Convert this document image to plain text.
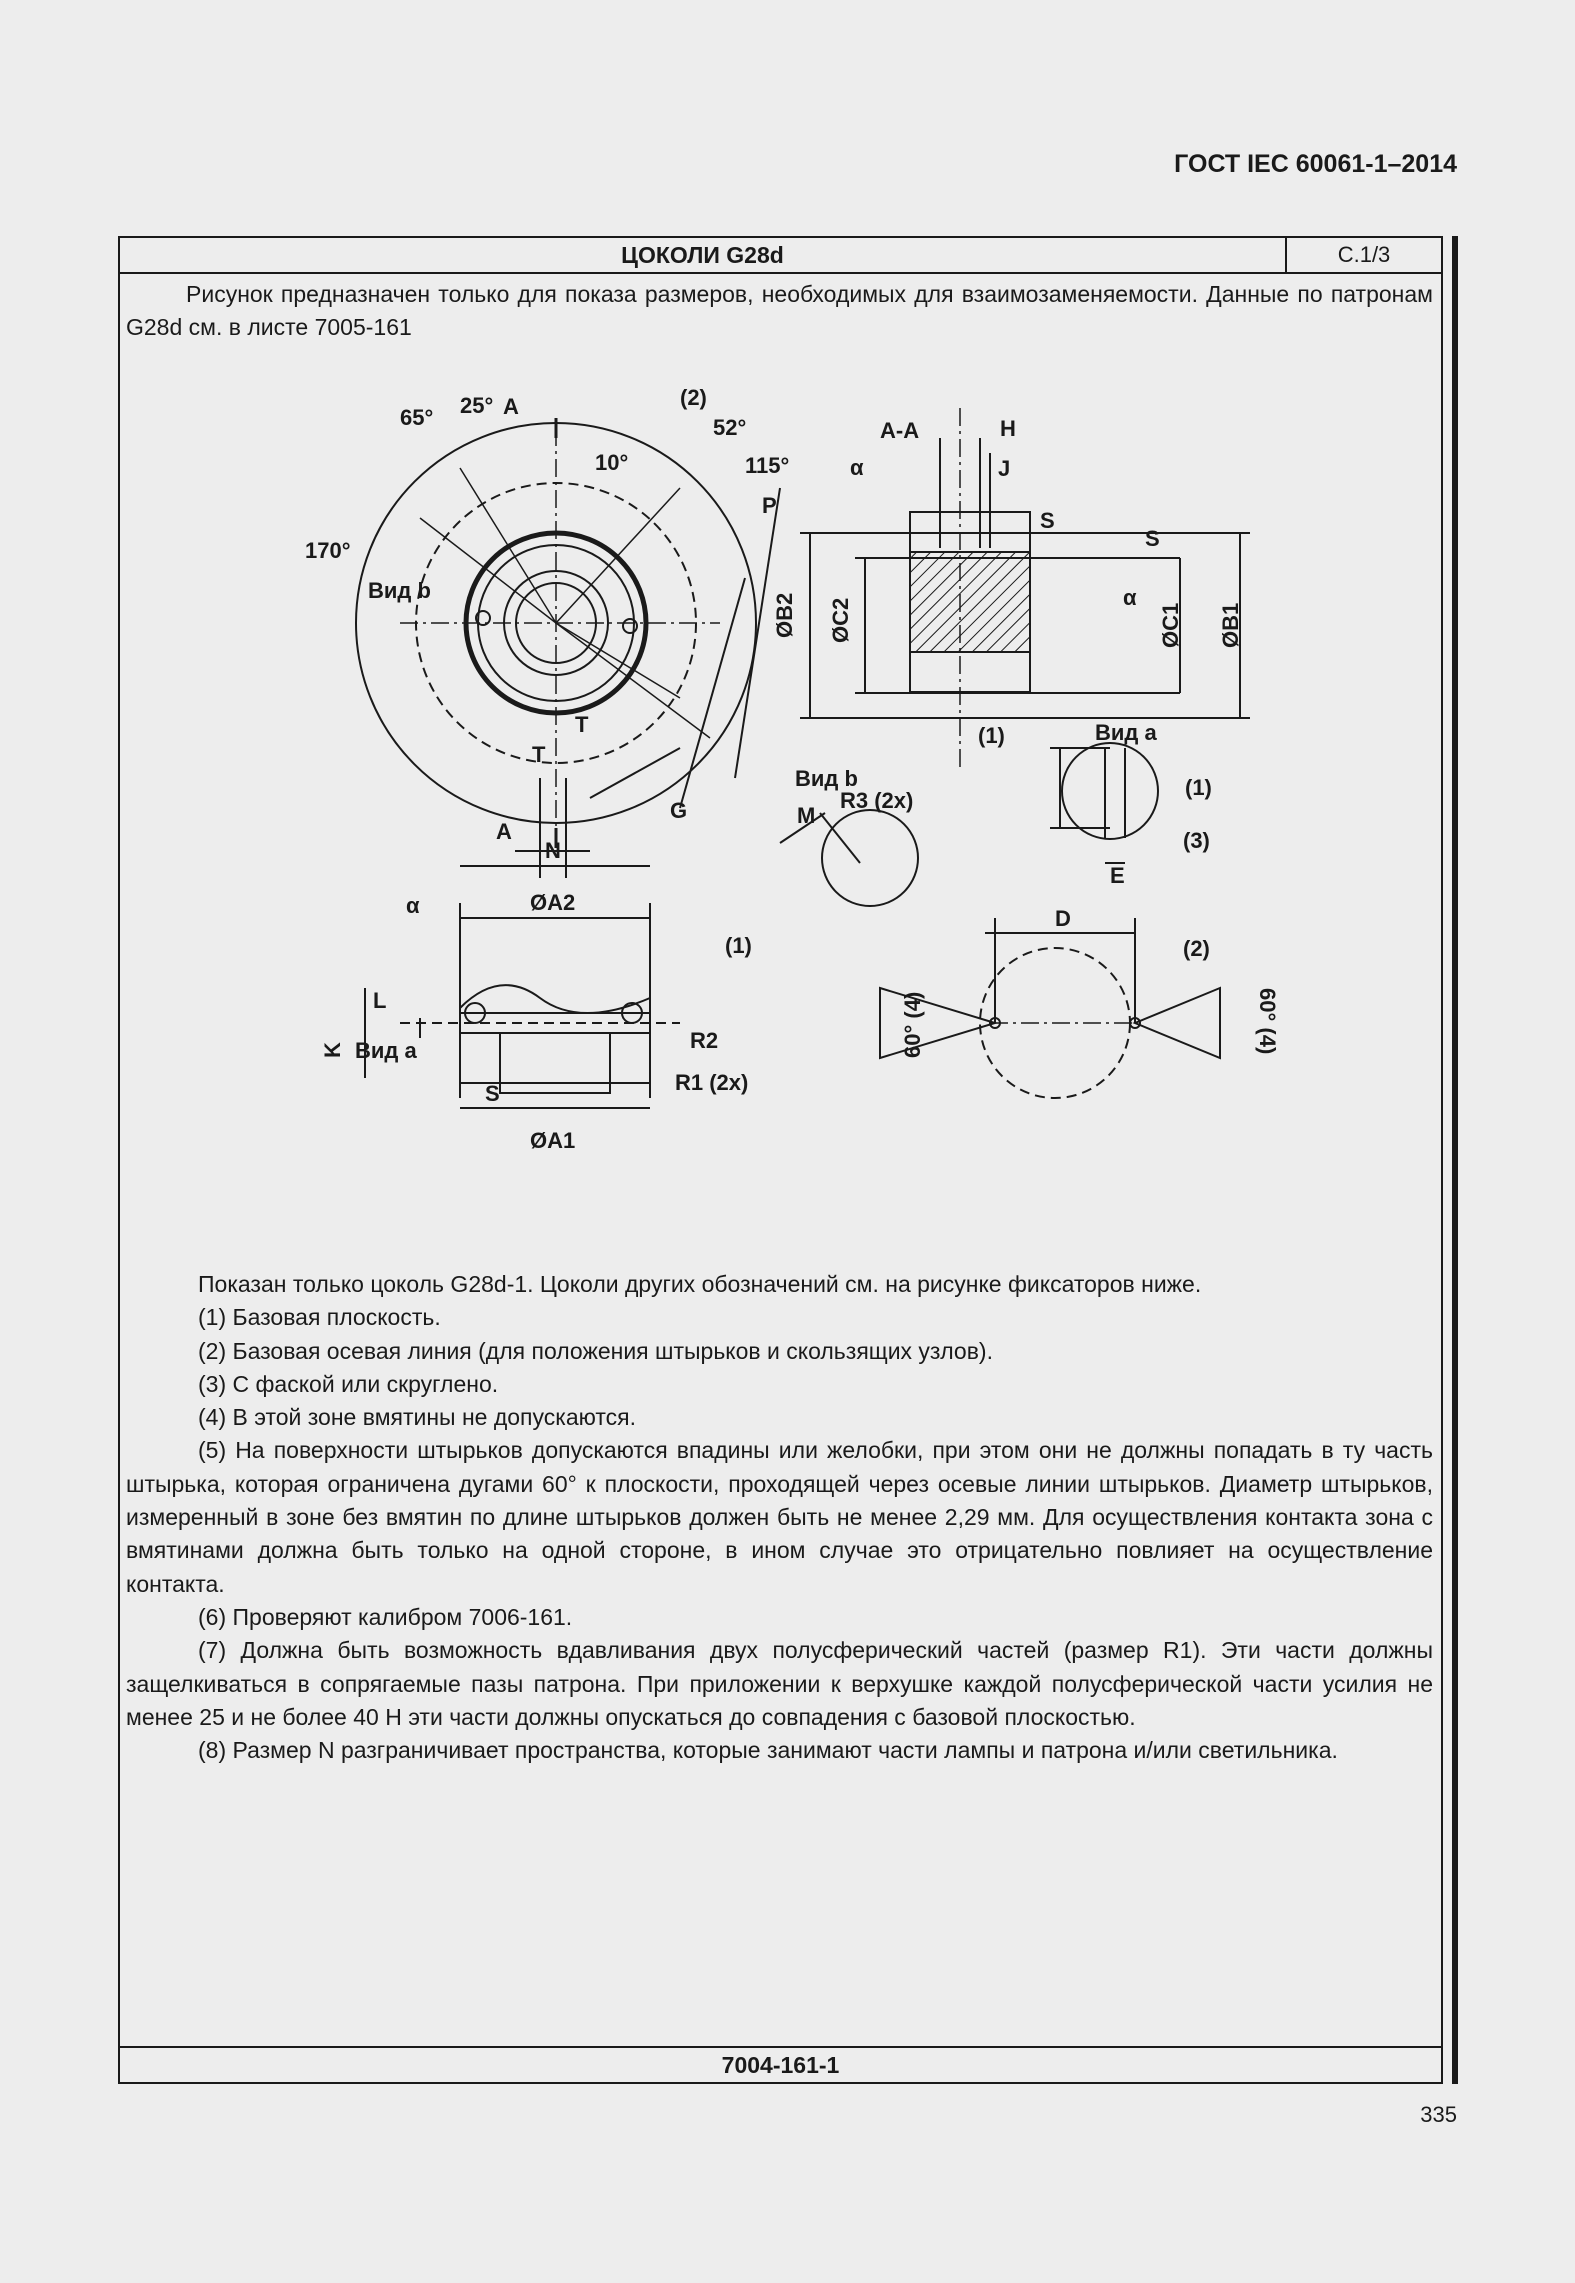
ГОСТ IEC 60061-1–2014
ЦОКОЛИ G28d	С.1/3
Рисунок предназначен только для показа размеров, необходимых для взаимозаменяемости. Данные по патронам G28d см. в листе 7005-161
65° 25° A	(2)
52°
10°	115°
P
170°
Вид b
T
T
G
A
A-A	H
J
α
α
S
S
ØB2 ØC2	ØC1 ØB1
(1)	Вид a
(1)
(3)
E
Вид b
M
R3 (2x)
N
α	ØA2
(1)
L
K Вид a	R2
R1 (2x)
S
ØA1
D
(2)
60° (4)	60° (4)

Показан только цоколь G28d-1. Цоколи других обозначений см. на рисунке фиксаторов ниже.

(1) Базовая плоскость.

(2) Базовая осевая линия (для положения штырьков и скользящих узлов).

(3) С фаской или скруглено.

(4) В этой зоне вмятины не допускаются.

(5) На поверхности штырьков допускаются впадины или желобки, при этом они не должны попадать в ту часть штырька, которая ограничена дугами 60° к плоскости, проходящей через осевые линии штырьков. Диаметр штырьков, измеренный в зоне без вмятин по длине штырьков должен быть не менее 2,29 мм. Для осуществления контакта зона с вмятинами должна быть только на одной стороне, в ином случае это отрицательно повлияет на осуществление контакта.

(6) Проверяют калибром 7006-161.

(7) Должна быть возможность вдавливания двух полусферический частей (размер R1). Эти части должны защелкиваться в сопрягаемые пазы патрона. При приложении к верхушке каждой полусферической части усилия не менее 25 и не более 40 Н эти части должны опускаться до совпадения с базовой плоскостью.

(8) Размер N разграничивает пространства, которые занимают части лампы и патрона и/или светильника.

7004-161-1
335
